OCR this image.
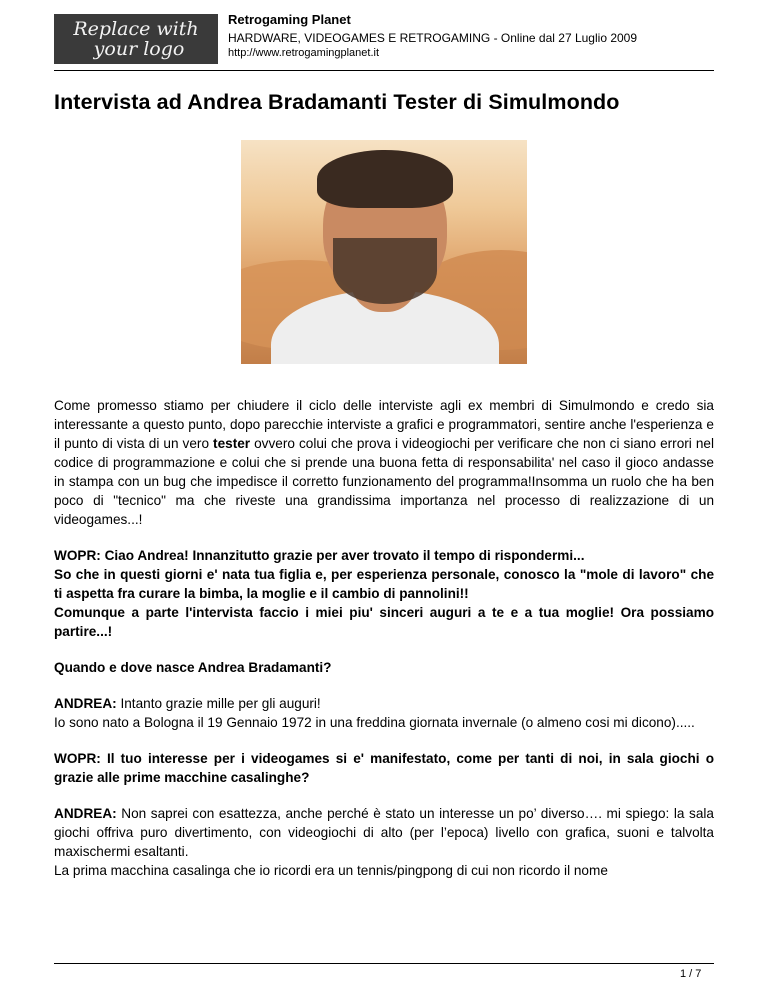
Replace with

your logo
Retrogaming Planet
HARDWARE, VIDEOGAMES E RETROGAMING - Online dal 27 Luglio 2009
http://www.retrogamingplanet.it
Intervista ad Andrea Bradamanti Tester di Simulmondo

Come promesso stiamo per chiudere il ciclo delle interviste agli ex membri di Simulmondo e credo sia interessante a questo punto, dopo parecchie interviste a grafici e programmatori, sentire anche l'esperienza e il punto di vista di un vero tester ovvero colui che prova i videogiochi per verificare che non ci siano errori nel codice di programmazione e colui che si prende una buona fetta di responsabilita' nel caso il gioco andasse in stampa con un bug che impedisce il corretto funzionamento del programma!Insomma un ruolo che ha ben poco di "tecnico" ma che riveste una grandissima importanza nel processo di realizzazione di un videogames...!

WOPR: Ciao Andrea! Innanzitutto grazie per aver trovato il tempo di rispondermi...
So che in questi giorni e' nata tua figlia e, per esperienza personale, conosco la "mole di lavoro" che ti aspetta fra curare la bimba, la moglie e il cambio di pannolini!!
Comunque a parte l'intervista faccio i miei piu' sinceri auguri a te e a tua moglie! Ora possiamo partire...!

Quando e dove nasce Andrea Bradamanti?

ANDREA: Intanto grazie mille per gli auguri!
Io sono nato a Bologna il 19 Gennaio 1972 in una freddina giornata invernale (o almeno cosi mi dicono).....

WOPR: Il tuo interesse per i videogames si e' manifestato, come per tanti di noi, in sala giochi o grazie alle prime macchine casalinghe?

ANDREA: Non saprei con esattezza, anche perché è stato un interesse un po’ diverso…. mi spiego: la sala giochi offriva puro divertimento, con videogiochi di alto (per l’epoca) livello con grafica, suoni e talvolta maxischermi esaltanti.
La prima macchina casalinga che io ricordi era un tennis/pingpong di cui non ricordo il nome

1 / 7
